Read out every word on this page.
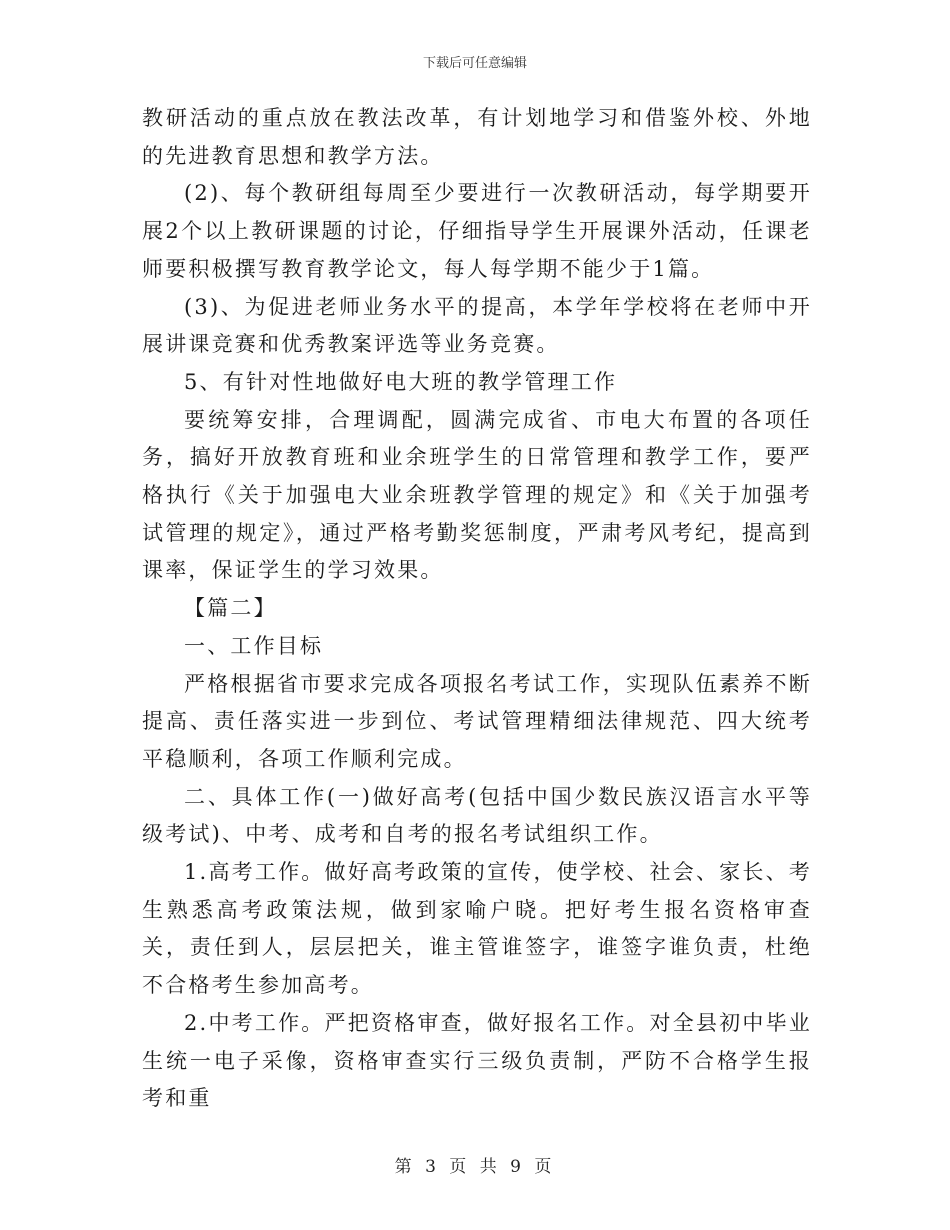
下载后可任意编辑

教研活动的重点放在教法改革，有计划地学习和借鉴外校、外地的先进教育思想和教学方法。

(2)、每个教研组每周至少要进行一次教研活动，每学期要开展2个以上教研课题的讨论，仔细指导学生开展课外活动，任课老师要积极撰写教育教学论文，每人每学期不能少于1篇。

(3)、为促进老师业务水平的提高，本学年学校将在老师中开展讲课竞赛和优秀教案评选等业务竞赛。

5、有针对性地做好电大班的教学管理工作

要统筹安排，合理调配，圆满完成省、市电大布置的各项任务，搞好开放教育班和业余班学生的日常管理和教学工作，要严格执行《关于加强电大业余班教学管理的规定》和《关于加强考试管理的规定》，通过严格考勤奖惩制度，严肃考风考纪，提高到课率，保证学生的学习效果。

【篇二】

一、工作目标

严格根据省市要求完成各项报名考试工作，实现队伍素养不断提高、责任落实进一步到位、考试管理精细法律规范、四大统考平稳顺利，各项工作顺利完成。

二、具体工作(一)做好高考(包括中国少数民族汉语言水平等级考试)、中考、成考和自考的报名考试组织工作。

1.高考工作。做好高考政策的宣传，使学校、社会、家长、考生熟悉高考政策法规，做到家喻户晓。把好考生报名资格审查关，责任到人，层层把关，谁主管谁签字，谁签字谁负责，杜绝不合格考生参加高考。

2.中考工作。严把资格审查，做好报名工作。对全县初中毕业生统一电子采像，资格审查实行三级负责制，严防不合格学生报考和重

第 3 页 共 9 页
